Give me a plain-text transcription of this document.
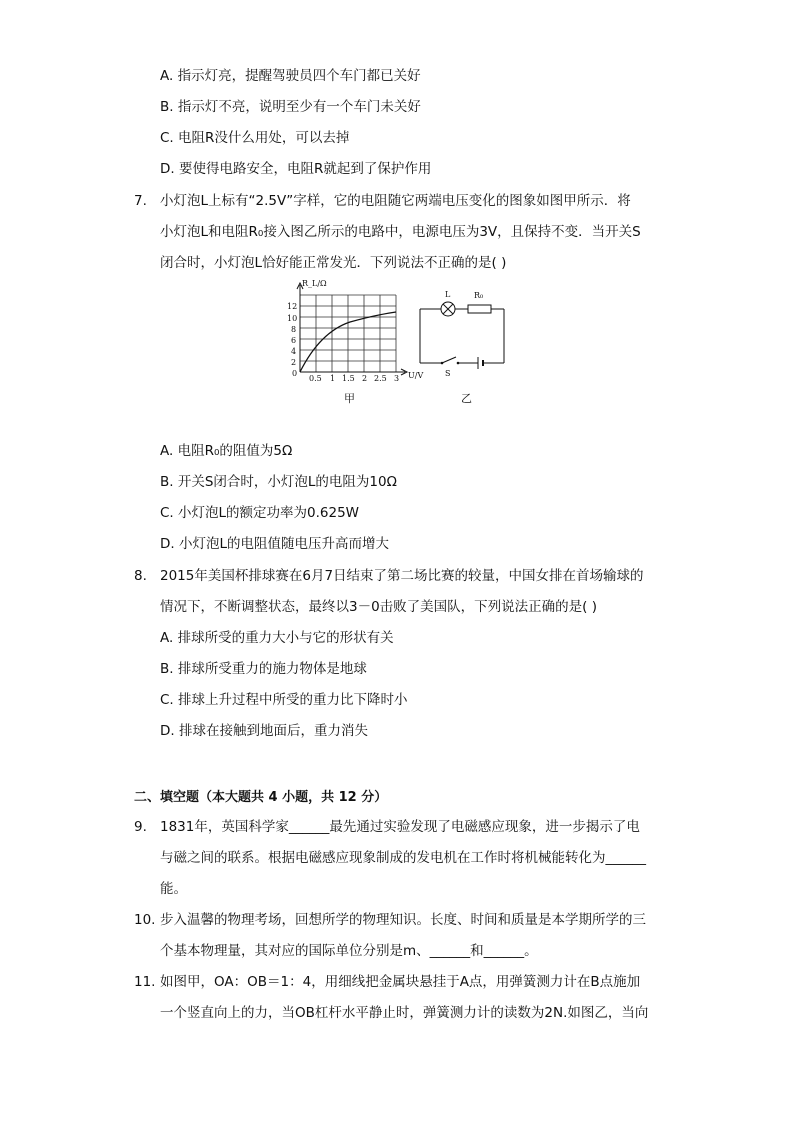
A. 指示灯亮，提醒驾驶员四个车门都已关好
B. 指示灯不亮，说明至少有一个车门未关好
C. 电阻R没什么用处，可以去掉
D. 要使得电路安全，电阻R就起到了保护作用
7. 小灯泡L上标有“2.5V”字样，它的电阻随它两端电压变化的图象如图甲所示．将
小灯泡L和电阻R₀接入图乙所示的电路中，电源电压为3V，且保持不变．当开关S
闭合时，小灯泡L恰好能正常发光．下列说法不正确的是( )
R_L/Ω
U/V
0
2
4
6
8
10
12
0.5 1 1.5 2 2.5 3
甲
L	R₀
S
乙
A. 电阻R₀的阻值为5Ω
B. 开关S闭合时，小灯泡L的电阻为10Ω
C. 小灯泡L的额定功率为0.625W
D. 小灯泡L的电阻值随电压升高而增大
8. 2015年美国杯排球赛在6月7日结束了第二场比赛的较量，中国女排在首场输球的
情况下，不断调整状态，最终以3－0击败了美国队，下列说法正确的是( )
A. 排球所受的重力大小与它的形状有关
B. 排球所受重力的施力物体是地球
C. 排球上升过程中所受的重力比下降时小
D. 排球在接触到地面后，重力消失
二、填空题（本大题共 4 小题，共 12 分）
9. 1831年，英国科学家______最先通过实验发现了电磁感应现象，进一步揭示了电
与磁之间的联系。根据电磁感应现象制成的发电机在工作时将机械能转化为______
能。
10. 步入温馨的物理考场，回想所学的物理知识。长度、时间和质量是本学期所学的三
个基本物理量，其对应的国际单位分别是m、______和______。
11. 如图甲，OA：OB＝1：4，用细线把金属块悬挂于A点，用弹簧测力计在B点施加
一个竖直向上的力，当OB杠杆水平静止时，弹簧测力计的读数为2N.如图乙，当向
